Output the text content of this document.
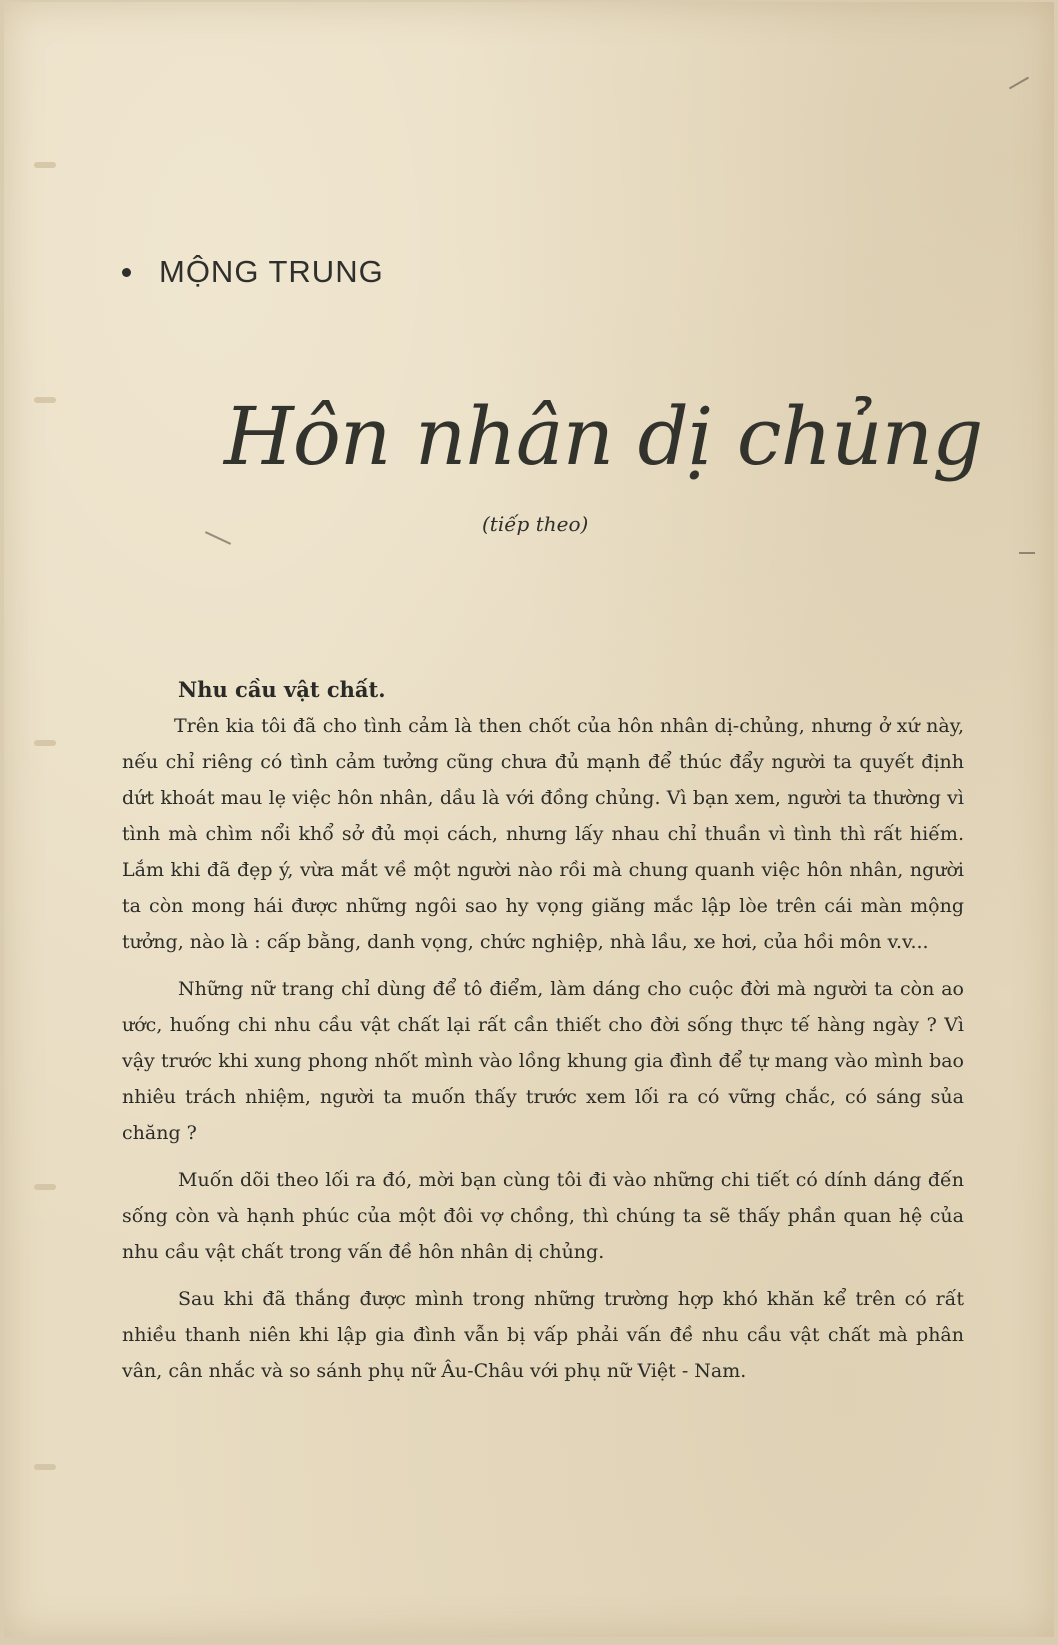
MỘNG TRUNG
Hôn nhân dị chủng
(tiếp theo)
Nhu cầu vật chất.

Trên kia tôi đã cho tình cảm là then chốt của hôn nhân dị-chủng, nhưng ở xứ này, nếu chỉ riêng có tình cảm tưởng cũng chưa đủ mạnh để thúc đẩy người ta quyết định dứt khoát mau lẹ việc hôn nhân, dầu là với đồng chủng. Vì bạn xem, người ta thường vì tình mà chìm nổi khổ sở đủ mọi cách, nhưng lấy nhau chỉ thuần vì tình thì rất hiếm. Lắm khi đã đẹp ý, vừa mắt về một người nào rồi mà chung quanh việc hôn nhân, người ta còn mong hái được những ngôi sao hy vọng giăng mắc lập lòe trên cái màn mộng tưởng, nào là : cấp bằng, danh vọng, chức nghiệp, nhà lầu, xe hơi, của hồi môn v.v...

Những nữ trang chỉ dùng để tô điểm, làm dáng cho cuộc đời mà người ta còn ao ước, huống chi nhu cầu vật chất lại rất cần thiết cho đời sống thực tế hàng ngày ? Vì vậy trước khi xung phong nhốt mình vào lồng khung gia đình để tự mang vào mình bao nhiêu trách nhiệm, người ta muốn thấy trước xem lối ra có vững chắc, có sáng sủa chăng ?

Muốn dõi theo lối ra đó, mời bạn cùng tôi đi vào những chi tiết có dính dáng đến sống còn và hạnh phúc của một đôi vợ chồng, thì chúng ta sẽ thấy phần quan hệ của nhu cầu vật chất trong vấn đề hôn nhân dị chủng.

Sau khi đã thắng được mình trong những trường hợp khó khăn kể trên có rất nhiều thanh niên khi lập gia đình vẫn bị vấp phải vấn đề nhu cầu vật chất mà phân vân, cân nhắc và so sánh phụ nữ Âu-Châu với phụ nữ Việt - Nam.
